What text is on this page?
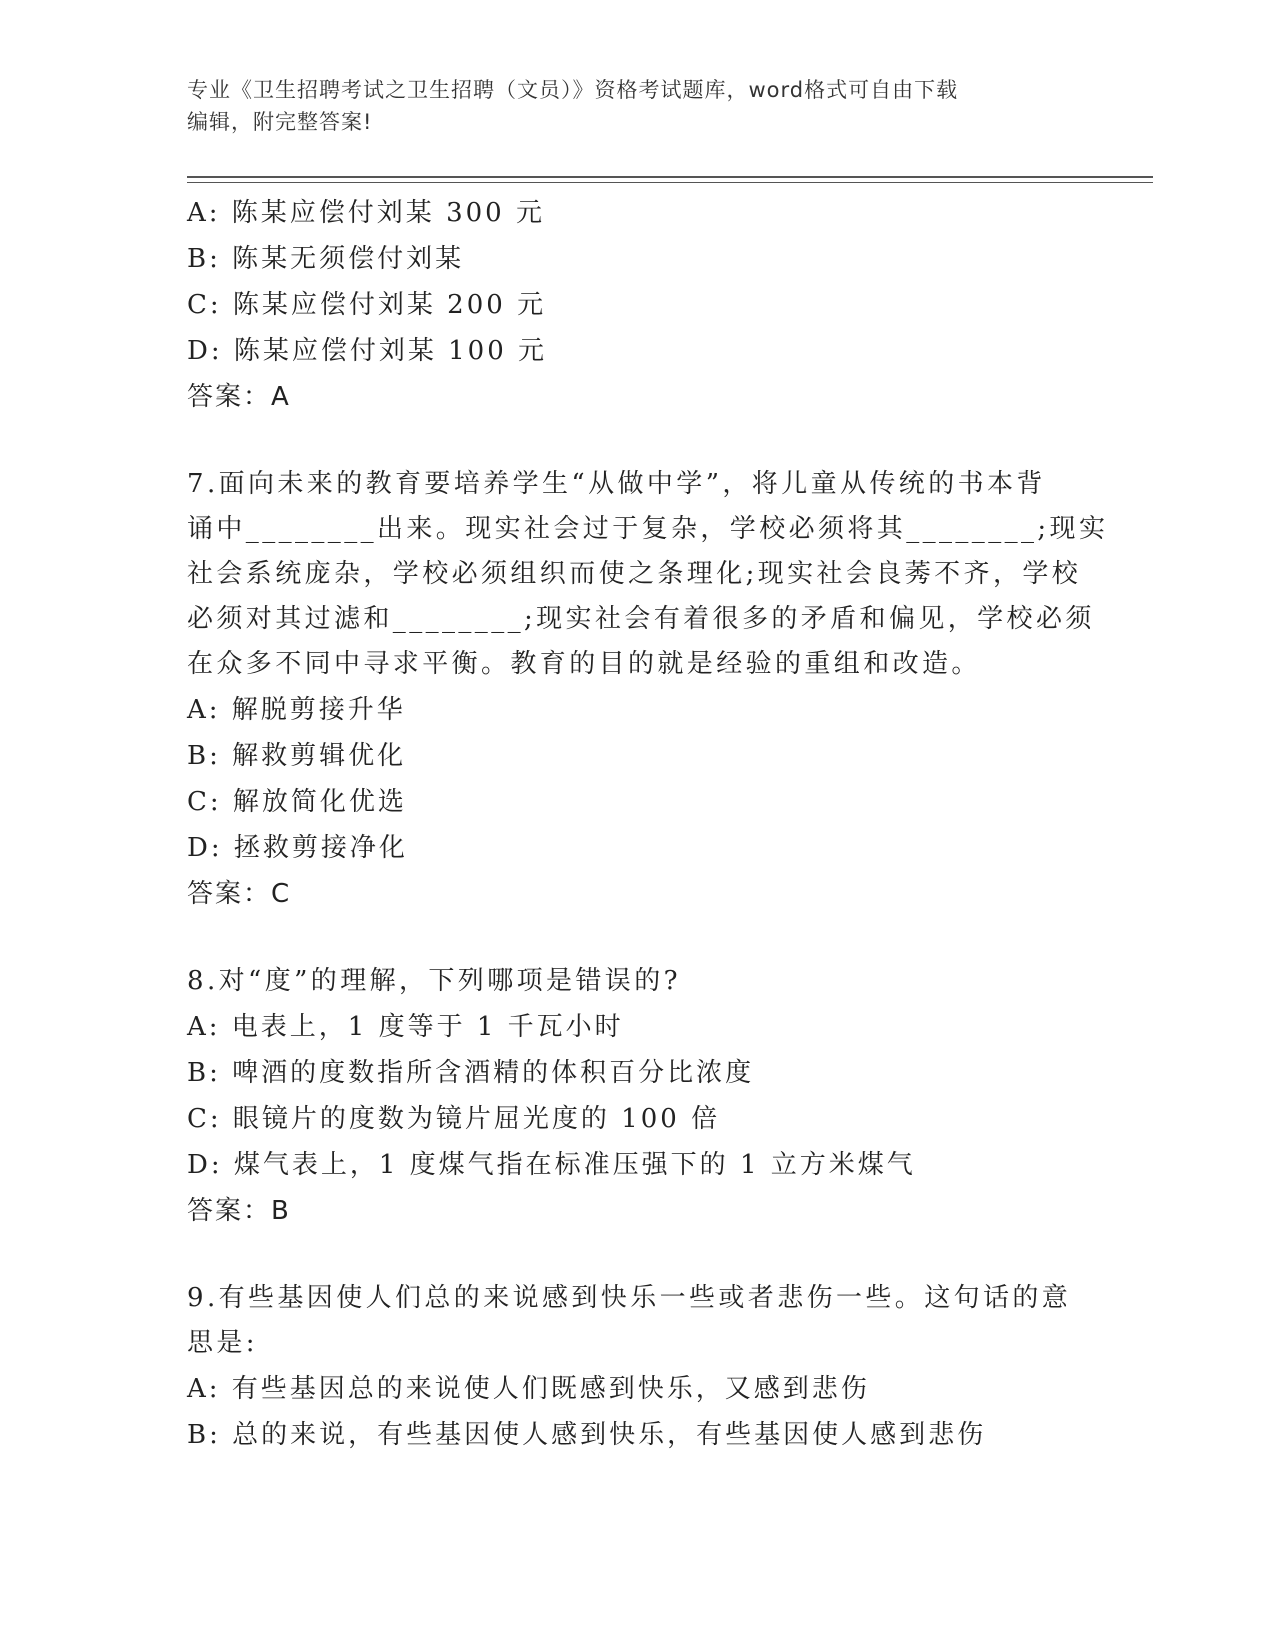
专业《卫生招聘考试之卫生招聘（文员）》资格考试题库，word格式可自由下载
编辑，附完整答案!
A: 陈某应偿付刘某 300 元
B: 陈某无须偿付刘某
C: 陈某应偿付刘某 200 元
D: 陈某应偿付刘某 100 元
答案：A
7.面向未来的教育要培养学生“从做中学”，将儿童从传统的书本背
诵中________出来。现实社会过于复杂，学校必须将其________;现实
社会系统庞杂，学校必须组织而使之条理化;现实社会良莠不齐，学校
必须对其过滤和________;现实社会有着很多的矛盾和偏见，学校必须
在众多不同中寻求平衡。教育的目的就是经验的重组和改造。
A: 解脱剪接升华
B: 解救剪辑优化
C: 解放简化优选
D: 拯救剪接净化
答案：C
8.对“度”的理解，下列哪项是错误的?
A: 电表上，1 度等于 1 千瓦小时
B: 啤酒的度数指所含酒精的体积百分比浓度
C: 眼镜片的度数为镜片屈光度的 100 倍
D: 煤气表上，1 度煤气指在标准压强下的 1 立方米煤气
答案：B
9.有些基因使人们总的来说感到快乐一些或者悲伤一些。这句话的意
思是:
A: 有些基因总的来说使人们既感到快乐，又感到悲伤
B: 总的来说，有些基因使人感到快乐，有些基因使人感到悲伤
